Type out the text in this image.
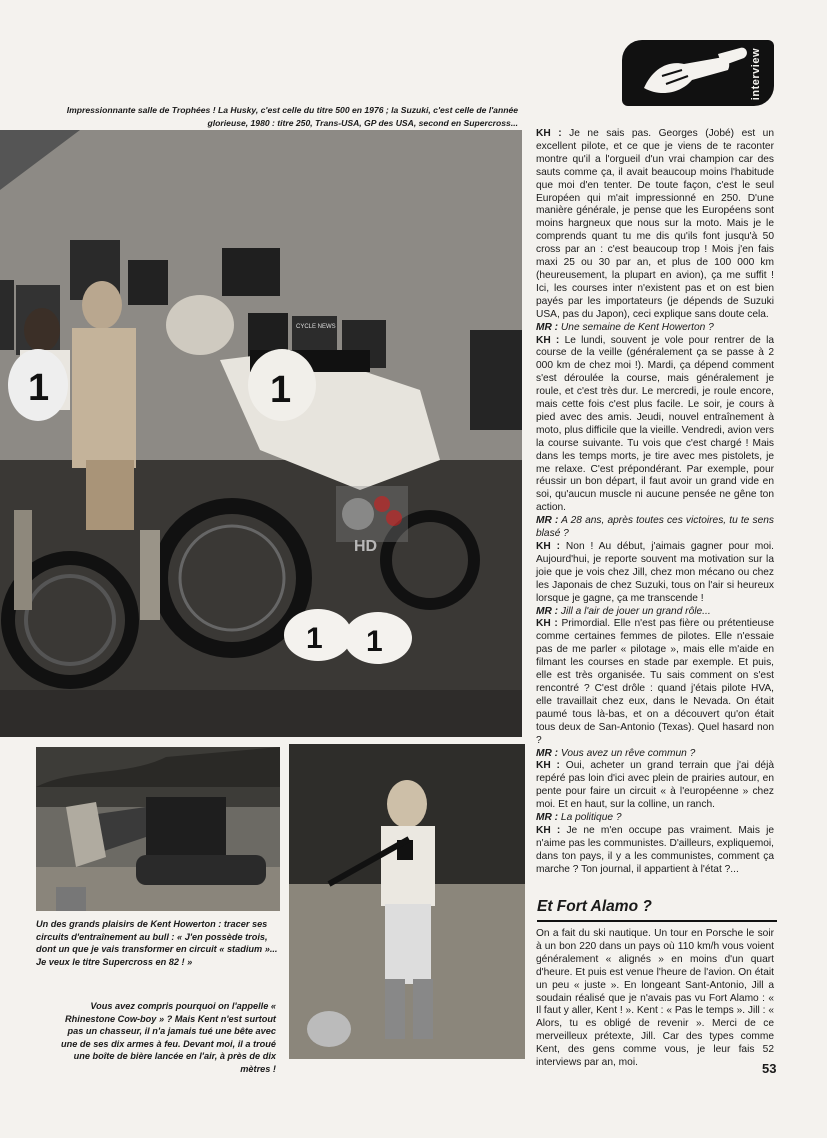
interview
Impressionnante salle de Trophées ! La Husky, c'est celle du titre 500 en 1976 ; la Suzuki, c'est celle de l'année glorieuse, 1980 : titre 250, Trans-USA, GP des USA, second en Supercross...
CYCLE NEWS
1	1
1 1
HD
Un des grands plaisirs de Kent Howerton : tracer ses circuits d'entraînement au bull : « J'en possède trois, dont un que je vais transformer en circuit « stadium »... Je veux le titre Supercross en 82 ! »
Vous avez compris pourquoi on l'appelle « Rhinestone Cow-boy » ? Mais Kent n'est surtout pas un chasseur, il n'a jamais tué une bête avec une de ses dix armes à feu. Devant moi, il a troué une boîte de bière lancée en l'air, à près de dix mètres !

KH : Je ne sais pas. Georges (Jobé) est un excellent pilote, et ce que je viens de te raconter montre qu'il a l'orgueil d'un vrai champion car des sauts comme ça, il avait beaucoup moins l'habitude que moi d'en tenter. De toute façon, c'est le seul Européen qui m'ait impressionné en 250. D'une manière générale, je pense que les Européens sont moins hargneux que nous sur la moto. Mais je le comprends quant tu me dis qu'ils font jusqu'à 50 cross par an : c'est beaucoup trop ! Mois j'en fais maxi 25 ou 30 par an, et plus de 100 000 km (heureusement, la plupart en avion), ça me suffit ! Ici, les courses inter n'existent pas et on est bien payés par les importateurs (je dépends de Suzuki USA, pas du Japon), ceci explique sans doute cela.

MR : Une semaine de Kent Howerton ?

KH : Le lundi, souvent je vole pour rentrer de la course de la veille (généralement ça se passe à 2 000 km de chez moi !). Mardi, ça dépend comment s'est déroulée la course, mais généralement je roule, et c'est très dur. Le mercredi, je roule encore, mais cette fois c'est plus facile. Le soir, je cours à pied avec des amis. Jeudi, nouvel entraînement à moto, plus difficile que la vieille. Vendredi, avion vers la course suivante. Tu vois que c'est chargé ! Mais dans les temps morts, je tire avec mes pistolets, je me relaxe. C'est prépondérant. Par exemple, pour réussir un bon départ, il faut avoir un grand vide en soi, qu'aucun muscle ni aucune pensée ne gêne ton action.

MR : A 28 ans, après toutes ces victoires, tu te sens blasé ?

KH : Non ! Au début, j'aimais gagner pour moi. Aujourd'hui, je reporte souvent ma motivation sur la joie que je vois chez Jill, chez mon mécano ou chez les Japonais de chez Suzuki, tous on l'air si heureux lorsque je gagne, ça me transcende !

MR : Jill a l'air de jouer un grand rôle...

KH : Primordial. Elle n'est pas fière ou prétentieuse comme certaines femmes de pilotes. Elle n'essaie pas de me parler « pilotage », mais elle m'aide en filmant les courses en stade par exemple. Et puis, elle est très organisée. Tu sais comment on s'est rencontré ? C'est drôle : quand j'étais pilote HVA, elle travaillait chez eux, dans le Nevada. On était paumé tous là-bas, et on a découvert qu'on était tous deux de San-Antonio (Texas). Quel hasard non ?

MR : Vous avez un rêve commun ?

KH : Oui, acheter un grand terrain que j'ai déjà repéré pas loin d'ici avec plein de prairies autour, en pente pour faire un circuit « à l'européenne » chez moi. Et en haut, sur la colline, un ranch.

MR : La politique ?

KH : Je ne m'en occupe pas vraiment. Mais je n'aime pas les communistes. D'ailleurs, expliquemoi, dans ton pays, il y a les communistes, comment ça marche ? Ton journal, il appartient à l'état ?...

Et Fort Alamo ?

On a fait du ski nautique. Un tour en Porsche le soir à un bon 220 dans un pays où 110 km/h vous voient généralement « alignés » en moins d'un quart d'heure. Et puis est venue l'heure de l'avion. On était un peu « juste ». En longeant Sant-Antonio, Jill a soudain réalisé que je n'avais pas vu Fort Alamo : « Il faut y aller, Kent ! ». Kent : « Pas le temps ». Jill : « Alors, tu es obligé de revenir ». Merci de ce merveilleux prétexte, Jill. Car des types comme Kent, des gens comme vous, je leur fais 52 interviews par an, moi.	53
